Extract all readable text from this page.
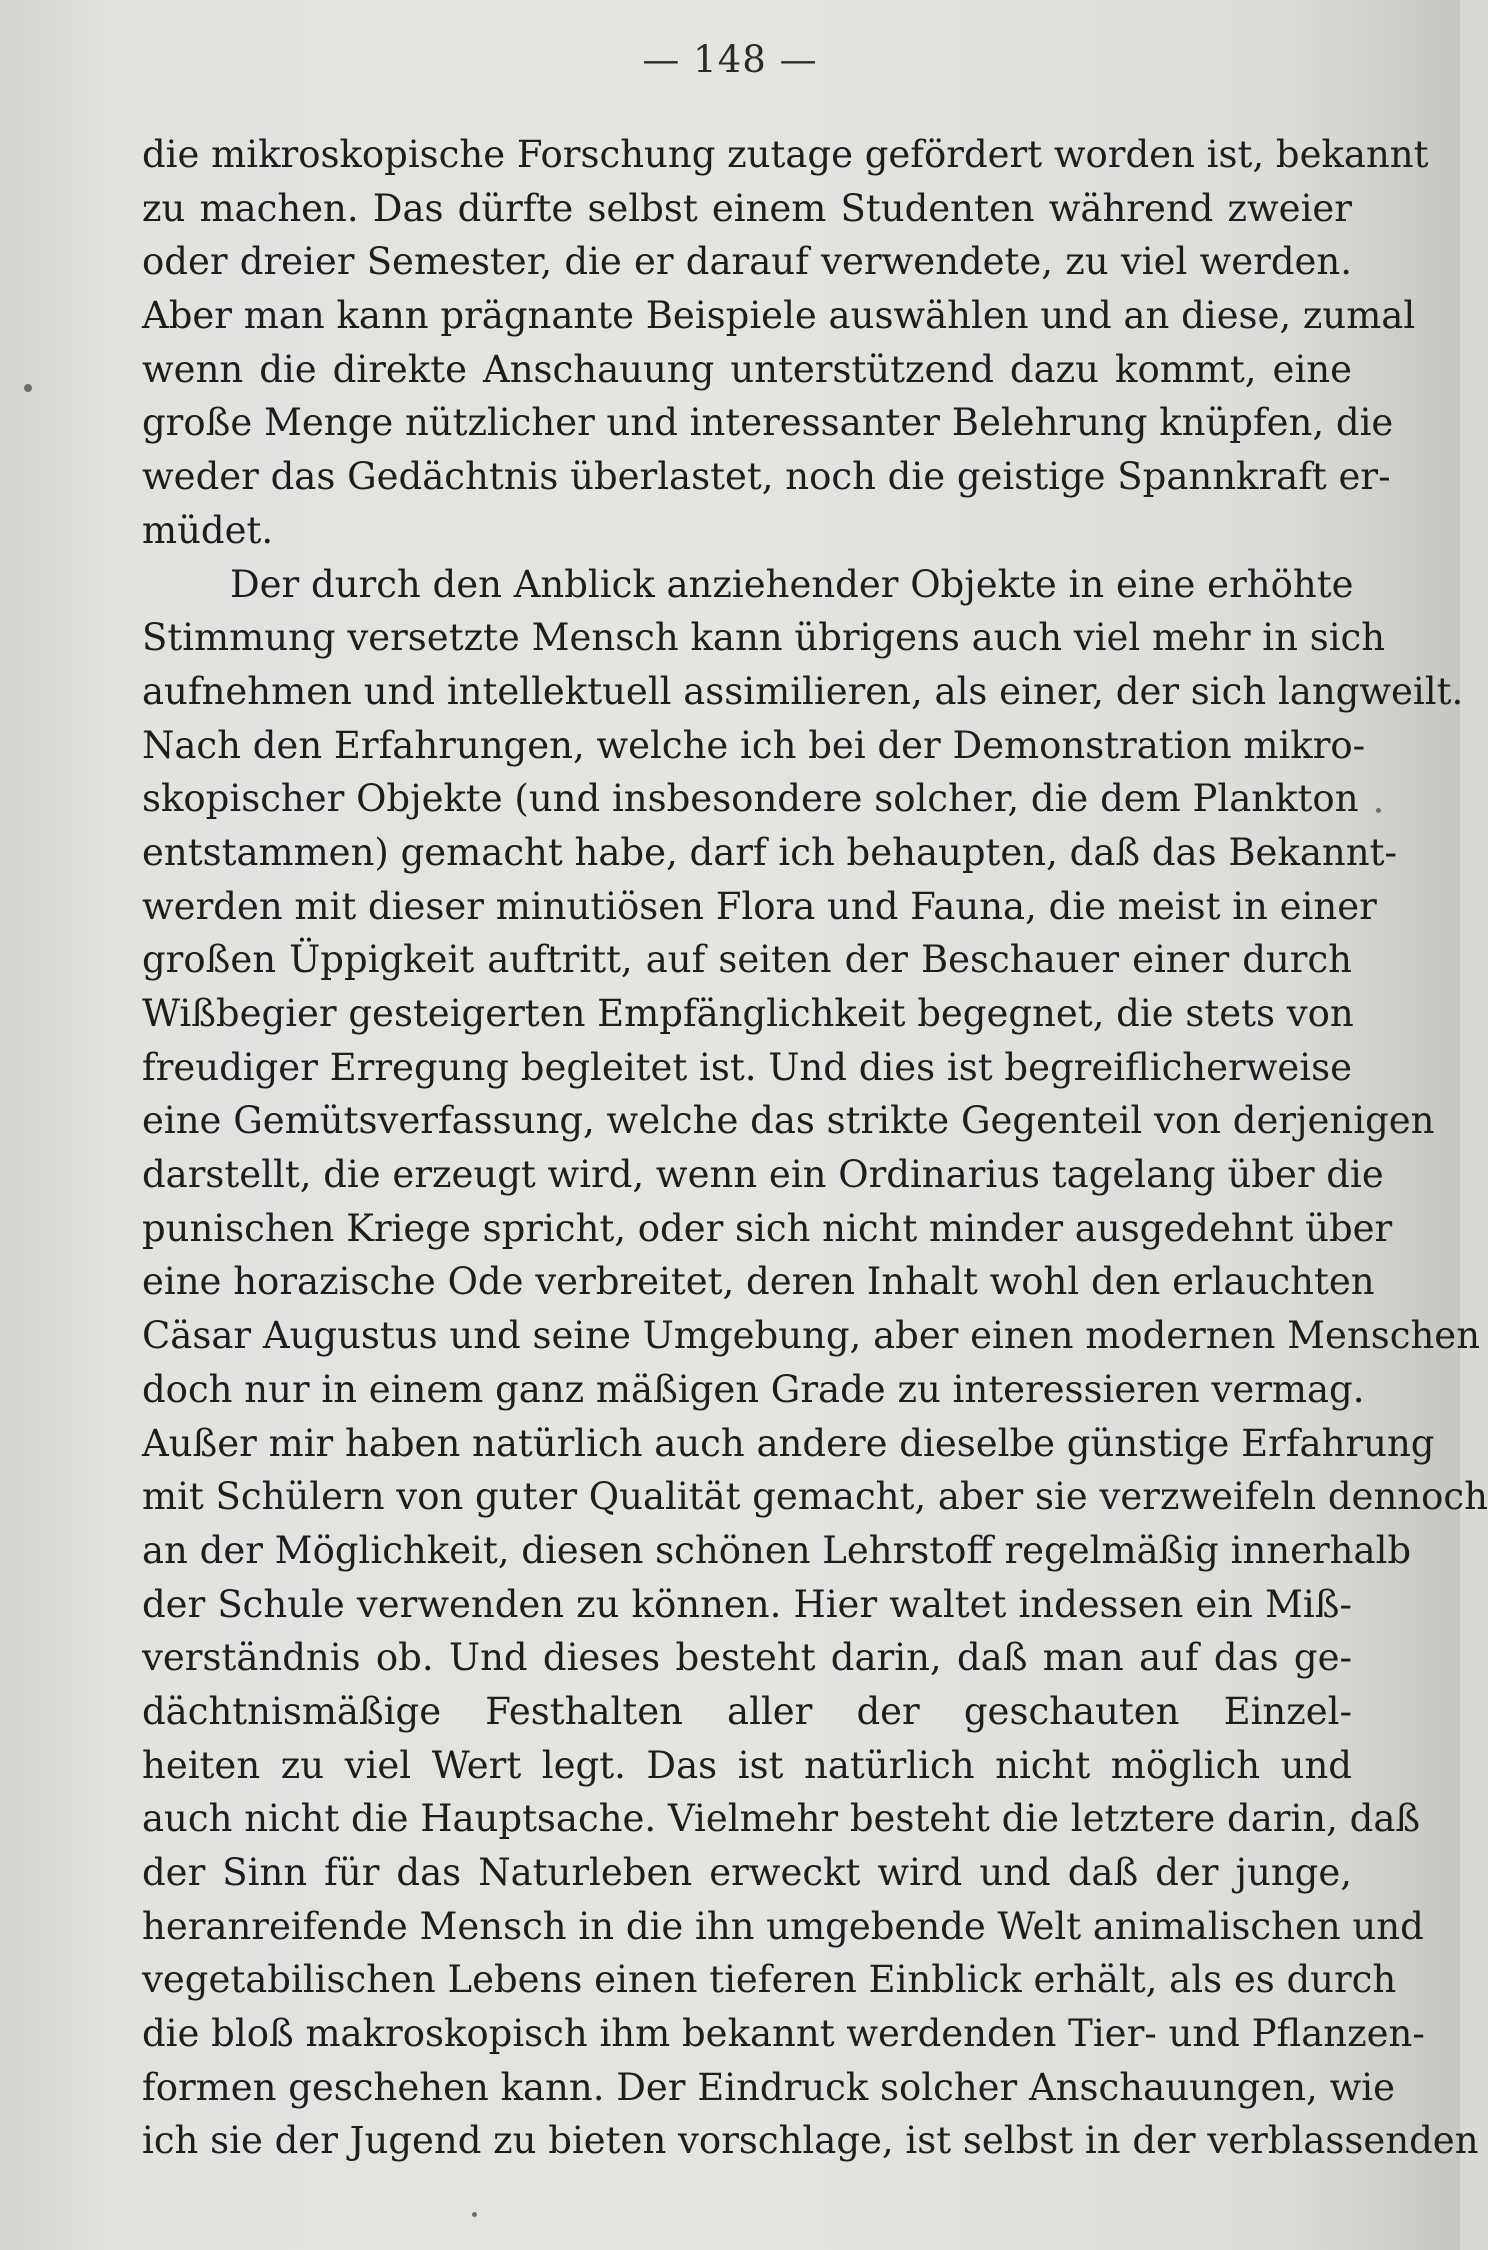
— 148 —
die mikroskopische Forschung zutage gefördert worden ist, bekannt
zu machen. Das dürfte selbst einem Studenten während zweier
oder dreier Semester, die er darauf verwendete, zu viel werden.
Aber man kann prägnante Beispiele auswählen und an diese, zumal
wenn die direkte Anschauung unterstützend dazu kommt, eine
große Menge nützlicher und interessanter Belehrung knüpfen, die
weder das Gedächtnis überlastet, noch die geistige Spannkraft er-
müdet.
Der durch den Anblick anziehender Objekte in eine erhöhte
Stimmung versetzte Mensch kann übrigens auch viel mehr in sich
aufnehmen und intellektuell assimilieren, als einer, der sich langweilt.
Nach den Erfahrungen, welche ich bei der Demonstration mikro-
skopischer Objekte (und insbesondere solcher, die dem Plankton
entstammen) gemacht habe, darf ich behaupten, daß das Bekannt-
werden mit dieser minutiösen Flora und Fauna, die meist in einer
großen Üppigkeit auftritt, auf seiten der Beschauer einer durch
Wißbegier gesteigerten Empfänglichkeit begegnet, die stets von
freudiger Erregung begleitet ist. Und dies ist begreiflicherweise
eine Gemütsverfassung, welche das strikte Gegenteil von derjenigen
darstellt, die erzeugt wird, wenn ein Ordinarius tagelang über die
punischen Kriege spricht, oder sich nicht minder ausgedehnt über
eine horazische Ode verbreitet, deren Inhalt wohl den erlauchten
Cäsar Augustus und seine Umgebung, aber einen modernen Menschen
doch nur in einem ganz mäßigen Grade zu interessieren vermag.
Außer mir haben natürlich auch andere dieselbe günstige Erfahrung
mit Schülern von guter Qualität gemacht, aber sie verzweifeln dennoch
an der Möglichkeit, diesen schönen Lehrstoff regelmäßig innerhalb
der Schule verwenden zu können. Hier waltet indessen ein Miß-
verständnis ob. Und dieses besteht darin, daß man auf das ge-
dächtnismäßige Festhalten aller der geschauten Einzel-
heiten zu viel Wert legt. Das ist natürlich nicht möglich und
auch nicht die Hauptsache. Vielmehr besteht die letztere darin, daß
der Sinn für das Naturleben erweckt wird und daß der junge,
heranreifende Mensch in die ihn umgebende Welt animalischen und
vegetabilischen Lebens einen tieferen Einblick erhält, als es durch
die bloß makroskopisch ihm bekannt werdenden Tier- und Pflanzen-
formen geschehen kann. Der Eindruck solcher Anschauungen, wie
ich sie der Jugend zu bieten vorschlage, ist selbst in der verblassenden
